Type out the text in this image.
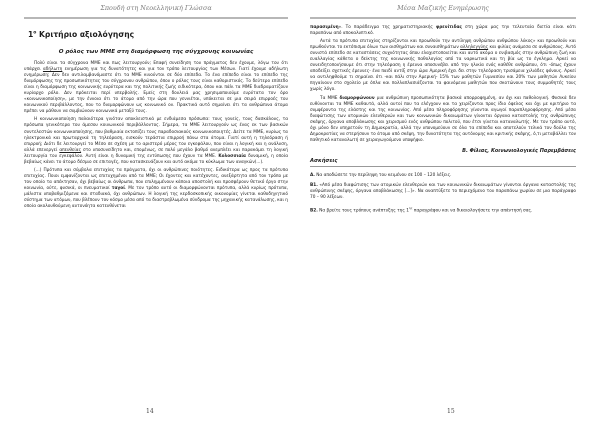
Σπουδή στη Νεοελληνική Γλώσσα
$1^o$ Κριτήριο αξιολόγησης
Ο ρόλος των ΜΜΕ στη διαμόρφωση της σύγχρονης κοινωνίας

Πολύ είναι τα σύγχρονα ΜΜΕ και πως λειτουργούν; Επαφή συνείδηση του πράγματος δεν έχουμε, λόγω του ότι υπάρχει αδήλωτη ενημέρωση για τις δυνατότητες και για τον τρόπο λειτουργίας των Μέσων. Γιατί έχουμε αδήλωτη ενημέρωση; Δεν δεν αντιλαμβανόμαστε ότι τα ΜΜΕ κινούνται σε δύο επίπεδα. Το ένα επίπεδο είναι το επίπεδο της διαμόρφωσης της προσωπικότητας του σύγχρονου ανθρώπου, όπου ο ρόλος τους είναι καθοριστικός. Το δεύτερο επίπεδο είναι η διαμόρφωση της κοινωνικής ευρύτερα και της πολιτικής ζωής ειδικότερα, όπου και πάλι τα ΜΜΕ διαδραματίζουν κυρίαρχο ρόλο. Δεν πρόκειται περί υπερβολής. Εμείς στη δουλειά μας χρησιμοποιούμε ευρύτατα τον όρο «κοινωνικοποίηση», με την έννοια ότι το άτομο από την ώρα που γεννιέται, υπόκειται σε μια σειρά επιρροές του κοινωνικού περιβάλλοντος, που το διαμορφώνουν ως κοινωνικό ον. Πρακτικά αυτό σημαίνει ότι τα ανθρώπινα άτομα πρέπει να μάθουν να συμβιώνουν κοινωνικά μεταξύ τους.

Η κοινωνικοποίηση παλαιότερα γινόταν αποκλειστικά με ενδιάμεσα πρόσωπα: τους γονείς, τους δασκάλους, τα πρόσωπα γενικότερα του άμεσου κοινωνικού περιβάλλοντος. Σήμερα, τα ΜΜΕ λειτουργούν ως ένας εκ των βασικών συντελεστών κοινωνικοποίησης, που βαθμιαία εκτοπίζει τους παραδοσιακούς κοινωνικοποιητές. Δείτε τα ΜΜΕ, κυρίως τα ηλεκτρονικά και πρωταρχικά τη τηλεόραση, εισκούν τεράστια επιρροή πάνω στα άτομα. Γιατί αυτή η τηλεόραση ή επιρροή; Διότι δε λειτουργεί το Μέσο σε σχέση με το αριστερό μέρος του εγκεφάλου, που είναι η λογική και η ανάλυση, αλλά επενεργεί απευθείας στο υποσυνείδητο και, επομένως, σε πολύ μεγάλο βαθμό ανεμπλέει και παρακάμει τη λογική λειτουργία του εγκεφάλου. Αυτή είναι η δυναμική της εντύπωσης που έχουν τα ΜΜΕ. Κολοσσιαία δυναμική, η οποία βεβαίως κάνει το άτομο δέσμιο σε επιταγές, που κατασκευάζουν και αυτό ακόμα το κύκλωμα των αναγκών(...).

(...) Πρότυπα και σύμβολα επιτυχίας τα πράγματα, όχι οι ανθρώπινες ποιότητες. Ειδικότερα ως προς τα πρότυπα επιτυχίας. Ποιοι εμφανίζονται ως επιτυχημένοι από τα ΜΜΕ; Οι έχοντες και κατέχοντες, ανεξάρτητα από τον τρόπο με τον οποίο τα απέκτησαν, όχι βεβαίως οι άνθρωπα, που επιλημμένουν κάποια αποστολή και προσφέρουν θετικό έργο στην κοινωνία, ούτε, φυσικά, οι πνευματικοί ταγοί. Με τον τρόπο αυτό οι διαμορφώνονται πρότυπα, αλλά κυρίως πρότυπα, μάλιστα υποβαθμιζόμενα και σταδιακά, όχι ανθρώπων. Η λογική της κερδοσκοπικής οικονομίας γίνεται καθοδηγητικό σύστημα των ατόμων, που βλέπουν τον κόσμο μέσα από τα διαστρεβλωμένα σύνδρομα της μηχανικής κατανάλωσης, και η οποία ακολουθούμενη αυτονόητα κατευθύνεται

14
Μέσα Μαζικής Ενημέρωσης

παρασιμένη». Το παράδειγμα της χρηματιστηριακής φρενίτιδας στη χώρα μας την τελευταία διετία είναι κάτι παραπάνω από αποκαλυπτικό.

Αυτά τα πρότυπα επιτυχίας στηρίζονται και προωθούν την αντίληψη ανθρώπου ανθρώπου λύκος» και προωθούν και πρωθούνται το εκτόπισμα όλων των αισθημάτων και συναισθημάτων αλληλεγγύης και φιλίας ανάμεσα σε ανθρώπους. Αυτό συνιστά επίπεδο σε καταστάσεις συχνότητας όπου ελαχιστοποιείται και αυτό ακόμα ο ενιβασμός στην ανθρώπινη ζωή και ευαλλαγίας κάθετα ο δείκτης της κοινωνικής παθολογίας από τα ναρκωτικά και τη βία ως το έγκλημα. Αρκεί να συνειδητοποιήσουμε ότι στην τηλεόραση η έρευνα αποσυνέβει από την ηλικία ενός καθέθε ανθρώπου, ότι -όπως έχουν αποδείξει σχετικές έρευνες- ένα παιδί αντίξ στην ώρα Αμερική έχει δει στην τηλεόραση τρισάμεια χιλιάδες φόνους. Αρκεί να αντιληφθούμε τι σημαίνει ότι -και πάλι στην Αμερική- 15% των μαθητών Γυμνασίου και 20% των μαθητών Λυκείου πηγαίνουν στο σχολείο με όπλα και πολλαπλασιάζονται τα φαινόμενα μαθητών που σκοτώνουν τους συμμαθητές τους χωρίς λόγο.

Τα ΜΜΕ διαμορφώνουν μια ανθρώπινη προσωπικότητα βασικά απορροφημένη, αν όχι και παθολογική. Φυσικά δεν ευθύνονται τα ΜΜΕ καθαυτά, αλλά αυτοί που τα ελέγχουν και τα χειρίζονται προς ίδιο όφελος και όχι με κριτήριο τα συμφέροντα της ελάστης και της κοινωνίας. Από μέσα πληροφόρησης γίνονται αγωγοί παραπληροφόρησης. Από μέσα διαφώτισης των ατομικών ελευθεριών και των κοινωνικών δικαιωμάτων γίνονται όργανα καταστολής της ανθρώπινης σκέψης, όργανα αποβλάκωσης και χειρισμού ενός ανθρώπου πολιτού, που έτσι γίνεται καταναλωτής. Με τον τρόπο αυτό, όχι μόνο δεν υπηρετούν τη Δημοκρατία, αλλά την υπονομεύουν σε όλα τα επίπεδα και αποτελούν τελικά τον δούλο της Δημοκρατίας να στερήσουν το άτομο από σκέψη, την δυνατότητα της αυτόνομης και κριτικής σκέψης, ό,τι μεταβάλλει τον παθητικό καταναλωτή σε χειραγωγούμενο υποψήφιο.

Β. Φίλιας, Κοινωνιολογικές Παρεμβάσεις
Ασκήσεις

Α. Να αποδώσετε την περίληψη του κειμένου σε 100 – 120 λέξεις.

Β1. «Από μέσα διαφώτισης των ατομικών ελευθεριών και των κοινωνικών δικαιωμάτων γίνονται όργανα καταστολής της ανθρώπινης σκέψης, όργανα αποβλάκωσης [...]». Να αναπτύξετε το περιεχόμενο του παραπάνω χωρίου σε μια παράγραφο 70 – 90 λέξεων.

Β2. Να βρείτε τους τρόπους ανάπτυξης της $1^{\eta\varsigma}$ παραγράφου και να δικαιολογήσετε την απάντησή σας.

15
